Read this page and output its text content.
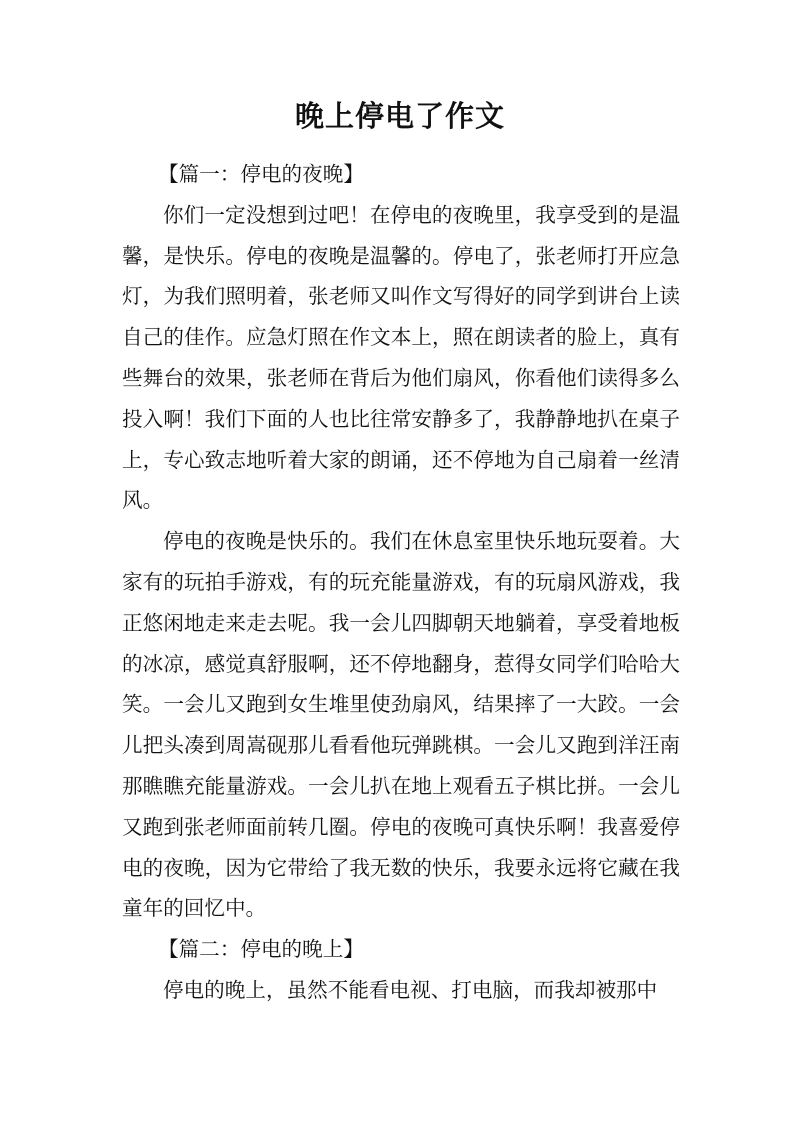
晚上停电了作文

【篇一：停电的夜晚】

你们一定没想到过吧！在停电的夜晚里，我享受到的是温馨，是快乐。停电的夜晚是温馨的。停电了，张老师打开应急灯，为我们照明着，张老师又叫作文写得好的同学到讲台上读自己的佳作。应急灯照在作文本上，照在朗读者的脸上，真有些舞台的效果，张老师在背后为他们扇风，你看他们读得多么投入啊！我们下面的人也比往常安静多了，我静静地扒在桌子上，专心致志地听着大家的朗诵，还不停地为自己扇着一丝清风。

停电的夜晚是快乐的。我们在休息室里快乐地玩耍着。大家有的玩拍手游戏，有的玩充能量游戏，有的玩扇风游戏，我正悠闲地走来走去呢。我一会儿四脚朝天地躺着，享受着地板的冰凉，感觉真舒服啊，还不停地翻身，惹得女同学们哈哈大笑。一会儿又跑到女生堆里使劲扇风，结果摔了一大跤。一会儿把头凑到周嵩砚那儿看看他玩弹跳棋。一会儿又跑到洋汪南那瞧瞧充能量游戏。一会儿扒在地上观看五子棋比拼。一会儿又跑到张老师面前转几圈。停电的夜晚可真快乐啊！我喜爱停电的夜晚，因为它带给了我无数的快乐，我要永远将它藏在我童年的回忆中。

【篇二：停电的晚上】

停电的晚上，虽然不能看电视、打电脑，而我却被那中
